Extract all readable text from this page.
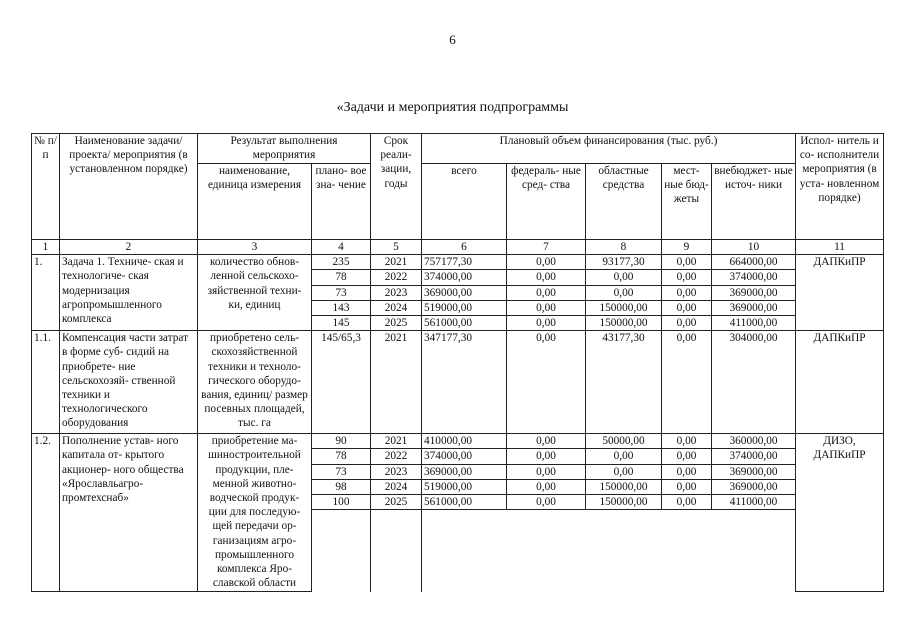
6
«Задачи и мероприятия подпрограммы
№ п/п	Наименование задачи/проекта/ мероприятия (в установленном порядке)	Результат выполнения мероприятия		Срок реали- зации, годы	Плановый объем финансирования (тыс. руб.)					Испол- нитель и со- исполнители мероприятия (в уста- новленном порядке)
		наименование, единица измерения	плано- вое зна- чение		всего	федераль- ные сред- ства	областные средства	мест- ные бюд- жеты	внебюджет- ные источ- ники	
1	2	3	4	5	6	7	8	9	10	11
1.	Задача 1. Техниче- ская и технологиче- ская модернизация агропромышленного комплекса	количество обнов- ленной сельскохо- зяйственной техни- ки, единиц	235	2021	757177,30	0,00	93177,30	0,00	664000,00	ДАПКиПР
			78	2022	374000,00	0,00	0,00	0,00	374000,00	
			73	2023	369000,00	0,00	0,00	0,00	369000,00	
			143	2024	519000,00	0,00	150000,00	0,00	369000,00	
			145	2025	561000,00	0,00	150000,00	0,00	411000,00	
1.1.	Компенсация части затрат в форме суб- сидий на приобрете- ние сельскохозяй- ственной техники и технологического оборудования	приобретено сель- скохозяйственной техники и техноло- гического оборудо- вания, единиц/ размер посевных площадей, тыс. га	145/65,3	2021	347177,30	0,00	43177,30	0,00	304000,00	ДАПКиПР
1.2.	Пополнение устав- ного капитала от- крытого акционер- ного общества «Ярославльагро- промтехснаб»	приобретение ма- шиностроительной продукции, пле- менной животно- водческой продук- ции для последую- щей передачи ор- ганизациям агро- промышленного комплекса Яро- славской области	90	2021	410000,00	0,00	50000,00	0,00	360000,00	ДИЗО, ДАПКиПР
			78	2022	374000,00	0,00	0,00	0,00	374000,00	
			73	2023	369000,00	0,00	0,00	0,00	369000,00	
			98	2024	519000,00	0,00	150000,00	0,00	369000,00	
			100	2025	561000,00	0,00	150000,00	0,00	411000,00	
